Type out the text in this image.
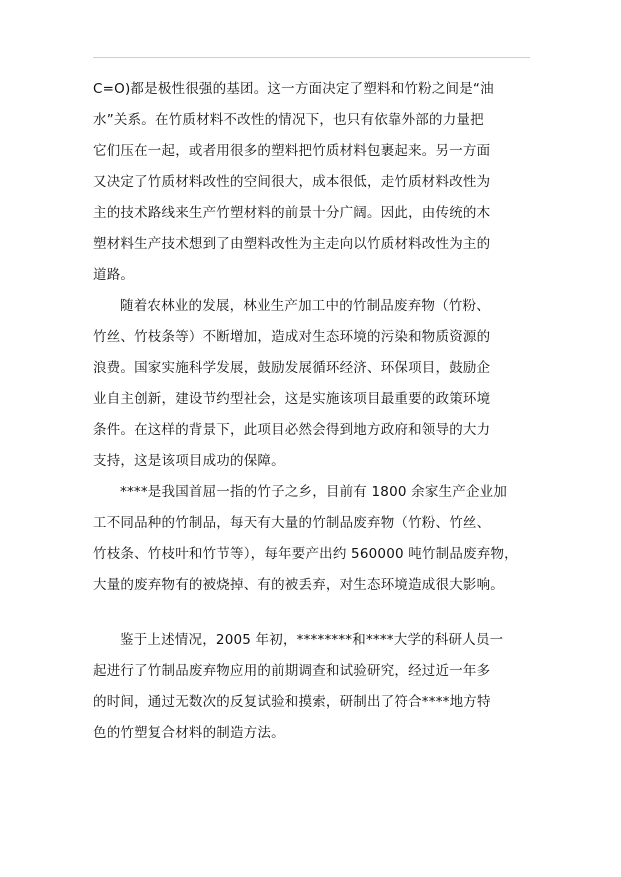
C=O)都是极性很强的基团。这一方面决定了塑料和竹粉之间是“油
水”关系。在竹质材料不改性的情况下，也只有依靠外部的力量把
它们压在一起，或者用很多的塑料把竹质材料包裹起来。另一方面
又决定了竹质材料改性的空间很大，成本很低，走竹质材料改性为
主的技术路线来生产竹塑材料的前景十分广阔。因此，由传统的木
塑材料生产技术想到了由塑料改性为主走向以竹质材料改性为主的
道路。
随着农林业的发展，林业生产加工中的竹制品废弃物（竹粉、
竹丝、竹枝条等）不断增加，造成对生态环境的污染和物质资源的
浪费。国家实施科学发展，鼓励发展循环经济、环保项目，鼓励企
业自主创新，建设节约型社会，这是实施该项目最重要的政策环境
条件。在这样的背景下，此项目必然会得到地方政府和领导的大力
支持，这是该项目成功的保障。
****是我国首屈一指的竹子之乡，目前有 1800 余家生产企业加
工不同品种的竹制品，每天有大量的竹制品废弃物（竹粉、竹丝、
竹枝条、竹枝叶和竹节等），每年要产出约 560000 吨竹制品废弃物，
大量的废弃物有的被烧掉、有的被丢弃，对生态环境造成很大影响。
鉴于上述情况，2005 年初，********和****大学的科研人员一
起进行了竹制品废弃物应用的前期调查和试验研究，经过近一年多
的时间，通过无数次的反复试验和摸索，研制出了符合****地方特
色的竹塑复合材料的制造方法。
